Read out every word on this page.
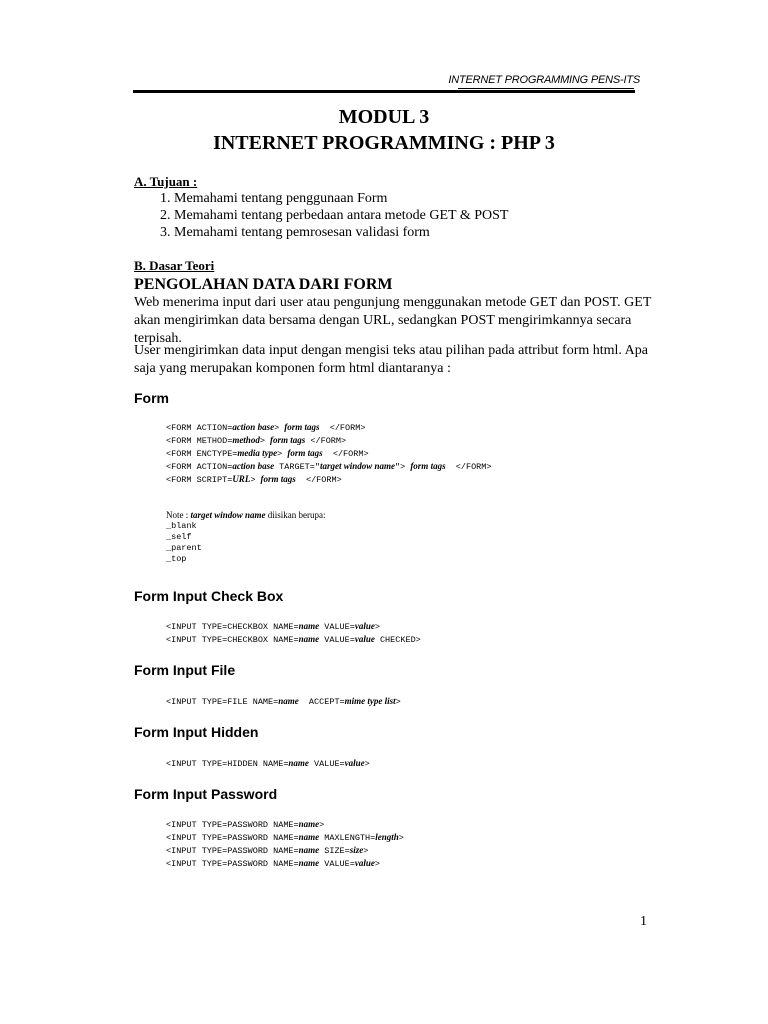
INTERNET PROGRAMMING PENS-ITS
MODUL 3
INTERNET PROGRAMMING : PHP 3
A. Tujuan :
1. Memahami tentang penggunaan Form
2. Memahami tentang perbedaan antara metode GET & POST
3. Memahami tentang pemrosesan validasi form
B. Dasar Teori
PENGOLAHAN DATA DARI FORM
Web menerima input dari user atau pengunjung menggunakan metode GET dan POST. GET akan mengirimkan data bersama dengan URL, sedangkan POST mengirimkannya secara terpisah.
User mengirimkan data input dengan mengisi teks atau pilihan pada attribut form html. Apa saja yang merupakan komponen form html diantaranya :
Form
<FORM ACTION=action base> form tags  </FORM>
<FORM METHOD=method> form tags </FORM>
<FORM ENCTYPE=media type> form tags  </FORM>
<FORM ACTION=action base TARGET="target window name"> form tags  </FORM>
<FORM SCRIPT=URL> form tags  </FORM>
Note : target window name diisikan berupa:
_blank
_self
_parent
_top
Form Input Check Box
<INPUT TYPE=CHECKBOX NAME=name VALUE=value>
<INPUT TYPE=CHECKBOX NAME=name VALUE=value CHECKED>
Form Input File
<INPUT TYPE=FILE NAME=name  ACCEPT=mime type list>
Form Input Hidden
<INPUT TYPE=HIDDEN NAME=name VALUE=value>
Form Input Password
<INPUT TYPE=PASSWORD NAME=name>
<INPUT TYPE=PASSWORD NAME=name MAXLENGTH=length>
<INPUT TYPE=PASSWORD NAME=name SIZE=size>
<INPUT TYPE=PASSWORD NAME=name VALUE=value>
1
